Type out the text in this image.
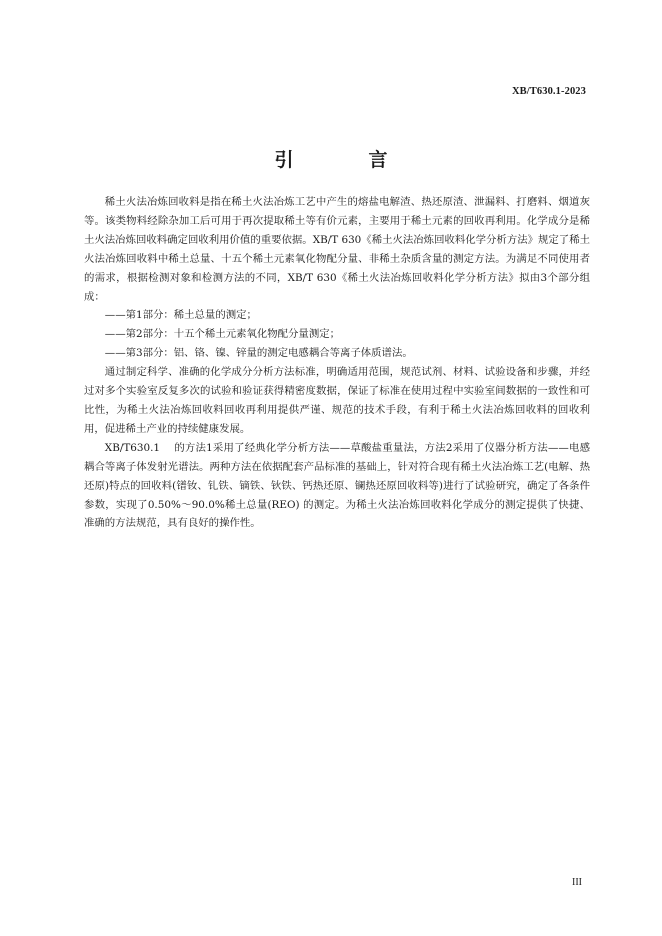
XB/T630.1-2023
引　言

稀土火法冶炼回收料是指在稀土火法冶炼工艺中产生的熔盐电解渣、热还原渣、泄漏料、打磨料、烟道灰等。该类物料经除杂加工后可用于再次提取稀土等有价元素，主要用于稀土元素的回收再利用。化学成分是稀土火法冶炼回收料确定回收利用价值的重要依据。XB/T 630《稀土火法冶炼回收料化学分析方法》规定了稀土火法冶炼回收料中稀土总量、十五个稀土元素氧化物配分量、非稀土杂质含量的测定方法。为满足不同使用者的需求，根据检测对象和检测方法的不同，XB/T 630《稀土火法冶炼回收料化学分析方法》拟由3个部分组成：

——第1部分：稀土总量的测定；

——第2部分：十五个稀土元素氧化物配分量测定；

——第3部分：铝、铬、镍、锌量的测定电感耦合等离子体质谱法。

通过制定科学、准确的化学成分分析方法标准，明确适用范围，规范试剂、材料、试验设备和步骤，并经过对多个实验室反复多次的试验和验证获得精密度数据，保证了标准在使用过程中实验室间数据的一致性和可比性，为稀土火法冶炼回收料回收再利用提供严谨、规范的技术手段，有利于稀土火法冶炼回收料的回收利用，促进稀土产业的持续健康发展。

XB/T630.1　 的方法1采用了经典化学分析方法——草酸盐重量法，方法2采用了仪器分析方法——电感耦合等离子体发射光谱法。两种方法在依据配套产品标准的基础上，针对符合现有稀土火法冶炼工艺(电解、热还原)特点的回收料(镨钕、钆铁、镝铁、钬铁、钙热还原、镧热还原回收料等)进行了试验研究，确定了各条件参数，实现了0.50%～90.0%稀土总量(REO) 的测定。为稀土火法冶炼回收料化学成分的测定提供了快捷、准确的方法规范，具有良好的操作性。

III
